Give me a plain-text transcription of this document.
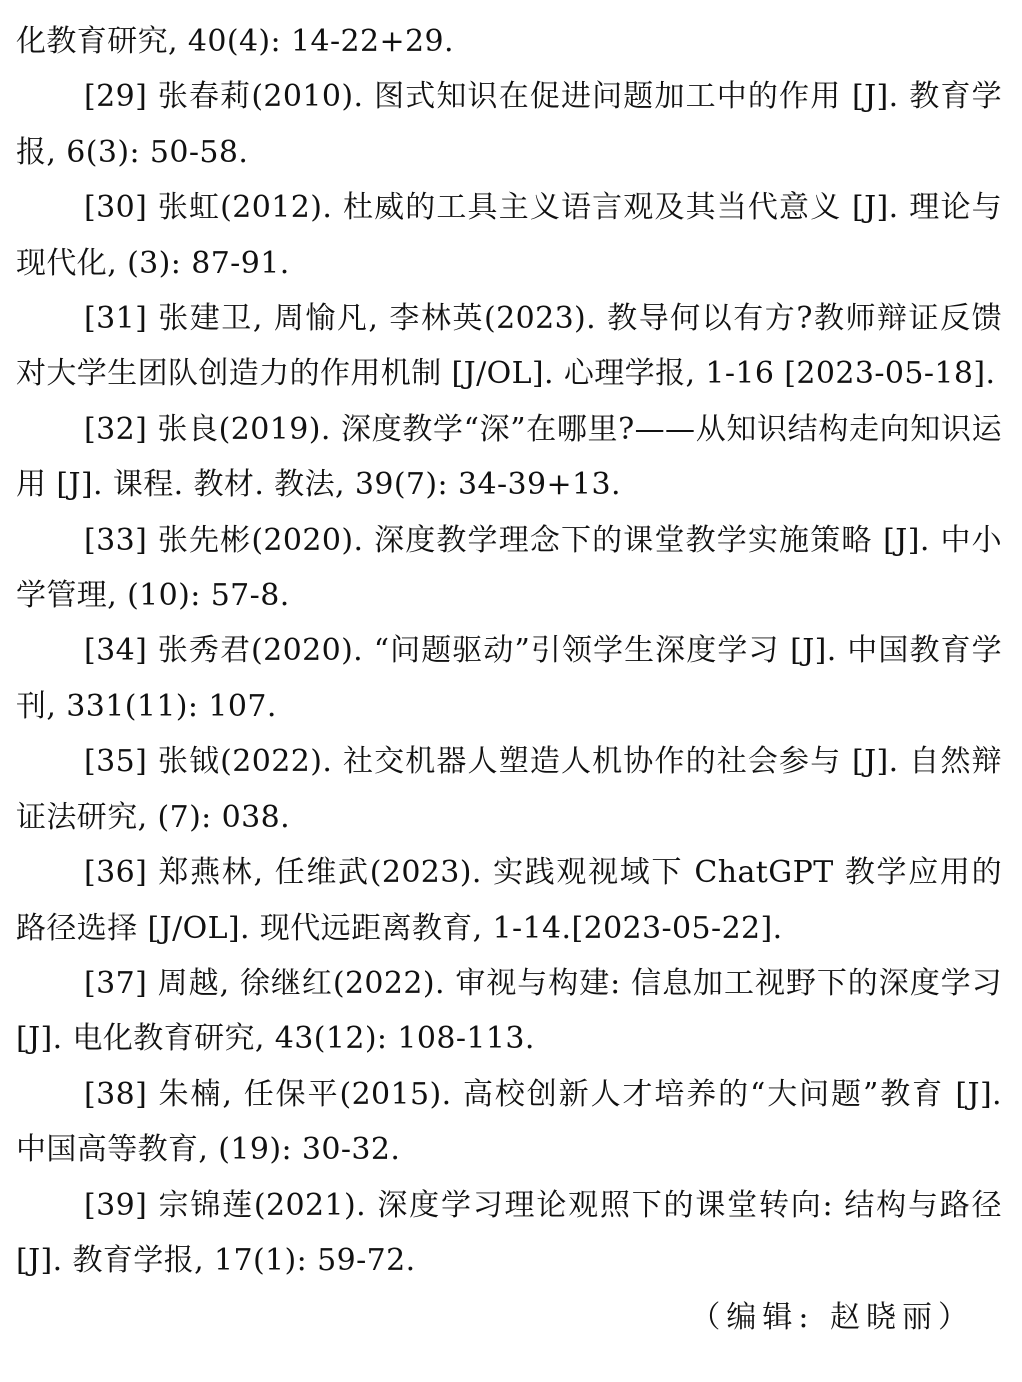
化教育研究, 40(4): 14-22+29.

[29] 张春莉(2010). 图式知识在促进问题加工中的作用 [J]. 教育学报, 6(3): 50-58.

[30] 张虹(2012). 杜威的工具主义语言观及其当代意义 [J]. 理论与现代化, (3): 87-91.

[31] 张建卫, 周愉凡, 李林英(2023). 教导何以有方?教师辩证反馈对大学生团队创造力的作用机制 [J/OL]. 心理学报, 1-16 [2023-05-18].

[32] 张良(2019). 深度教学“深”在哪里?——从知识结构走向知识运用 [J]. 课程. 教材. 教法, 39(7): 34-39+13.

[33] 张先彬(2020). 深度教学理念下的课堂教学实施策略 [J]. 中小学管理, (10): 57-8.

[34] 张秀君(2020). “问题驱动”引领学生深度学习 [J]. 中国教育学刊, 331(11): 107.

[35] 张钺(2022). 社交机器人塑造人机协作的社会参与 [J]. 自然辩证法研究, (7): 038.

[36] 郑燕林, 任维武(2023). 实践观视域下 ChatGPT 教学应用的路径选择 [J/OL]. 现代远距离教育, 1-14.[2023-05-22].

[37] 周越, 徐继红(2022). 审视与构建: 信息加工视野下的深度学习 [J]. 电化教育研究, 43(12): 108-113.

[38] 朱楠, 任保平(2015). 高校创新人才培养的“大问题”教育 [J]. 中国高等教育, (19): 30-32.

[39] 宗锦莲(2021). 深度学习理论观照下的课堂转向: 结构与路径 [J]. 教育学报, 17(1): 59-72.

（编辑: 赵晓丽）
